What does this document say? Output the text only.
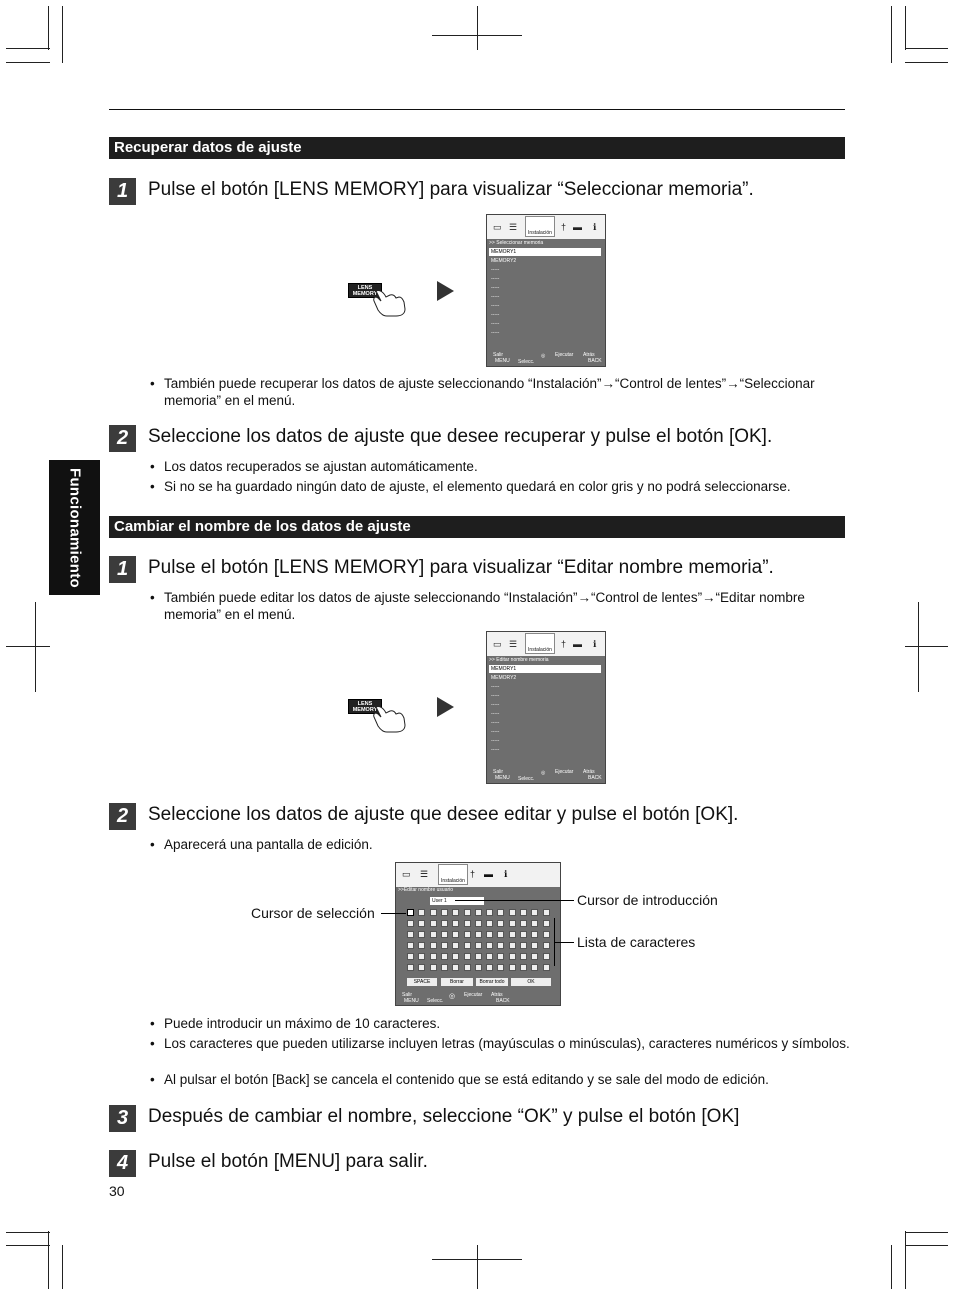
Funcionamiento
Recuperar datos de ajuste
1	Pulse el botón [LENS MEMORY] para visualizar “Seleccionar memoria”.
LENS MEMORY
▭ ☰
Instalación
† ▬ ℹ
>> Seleccionar memoria
MEMORY1
MEMORY2
-----
-----
-----
-----
-----
-----
-----
-----
Salir
MENU Selecc.
◎ Ejecutar Atrás
BACK
• También puede recuperar los datos de ajuste seleccionando “Instalación”→“Control de lentes”→“Seleccionar memoria” en el menú.
2	Seleccione los datos de ajuste que desee recuperar y pulse el botón [OK].
• Los datos recuperados se ajustan automáticamente.
• Si no se ha guardado ningún dato de ajuste, el elemento quedará en color gris y no podrá seleccionarse.
Cambiar el nombre de los datos de ajuste
1	Pulse el botón [LENS MEMORY] para visualizar “Editar nombre memoria”.
• También puede editar los datos de ajuste seleccionando “Instalación”→“Control de lentes”→“Editar nombre memoria” en el menú.
LENS MEMORY
▭ ☰
Instalación
† ▬ ℹ
>> Editar nombre memoria
MEMORY1
MEMORY2
-----
-----
-----
-----
-----
-----
-----
-----
Salir
MENU Selecc.
◎ Ejecutar Atrás
BACK
2	Seleccione los datos de ajuste que desee editar y pulse el botón [OK].
• Aparecerá una pantalla de edición.
▭ ☰
Instalación
† ▬ ℹ
>>Editar nombre usuario
User 1
SPACE	Borrar	Borrar todo	OK
Salir
MENU Selecc.
◎ Ejecutar Atrás
BACK
Cursor de selección
Cursor de introducción
Lista de caracteres
• Puede introducir un máximo de 10 caracteres.
• Los caracteres que pueden utilizarse incluyen letras (mayúsculas o minúsculas), caracteres numéricos y símbolos.
• Al pulsar el botón [Back] se cancela el contenido que se está editando y se sale del modo de edición.
3	Después de cambiar el nombre, seleccione “OK” y pulse el botón [OK]
4	Pulse el botón [MENU] para salir.
30
